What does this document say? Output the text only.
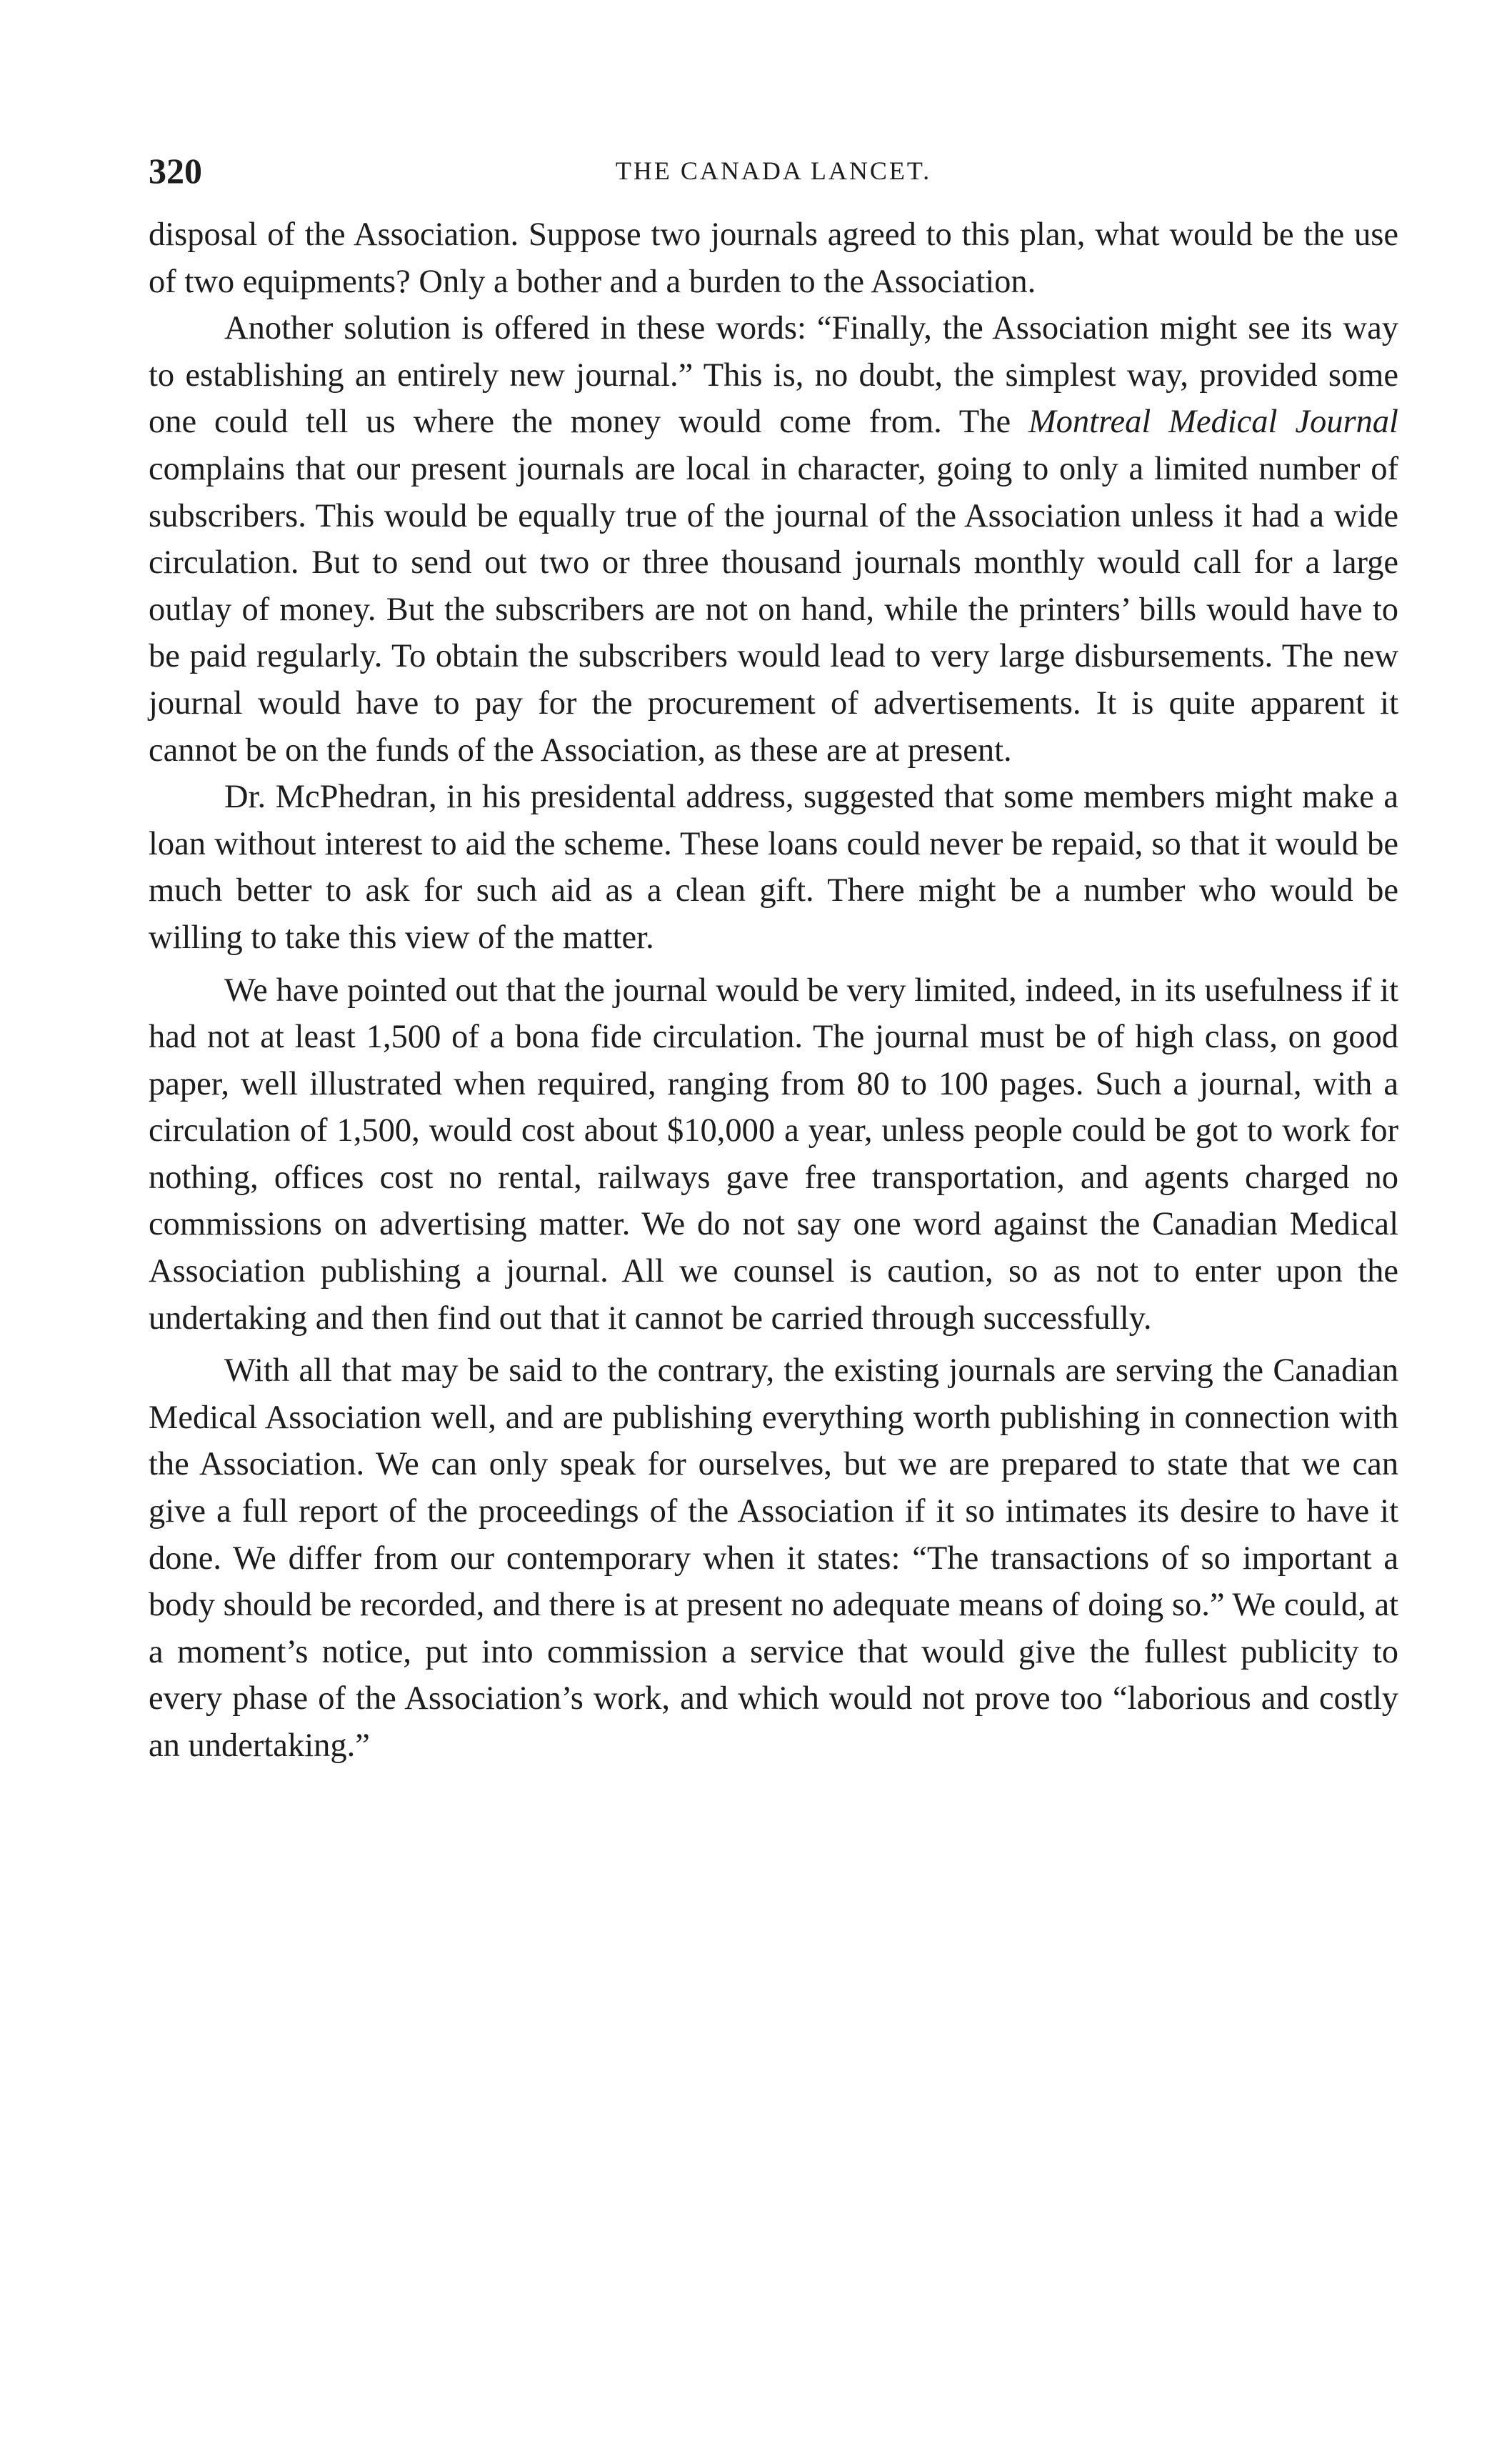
320	THE CANADA LANCET.

disposal of the Association. Suppose two journals agreed to this plan, what would be the use of two equipments? Only a bother and a burden to the Association.

Another solution is offered in these words: “Finally, the Association might see its way to establishing an entirely new journal.” This is, no doubt, the simplest way, provided some one could tell us where the money would come from. The Montreal Medical Journal complains that our present journals are local in character, going to only a limited number of subscribers. This would be equally true of the journal of the Association unless it had a wide circulation. But to send out two or three thousand journals monthly would call for a large outlay of money. But the subscribers are not on hand, while the printers’ bills would have to be paid regularly. To obtain the subscribers would lead to very large disbursements. The new journal would have to pay for the procurement of advertisements. It is quite apparent it cannot be on the funds of the Association, as these are at present.

Dr. McPhedran, in his presidental address, suggested that some members might make a loan without interest to aid the scheme. These loans could never be repaid, so that it would be much better to ask for such aid as a clean gift. There might be a number who would be willing to take this view of the matter.

We have pointed out that the journal would be very limited, indeed, in its usefulness if it had not at least 1,500 of a bona fide circulation. The journal must be of high class, on good paper, well illustrated when required, ranging from 80 to 100 pages. Such a journal, with a circulation of 1,500, would cost about $10,000 a year, unless people could be got to work for nothing, offices cost no rental, railways gave free transportation, and agents charged no commissions on advertising matter. We do not say one word against the Canadian Medical Association publishing a journal. All we counsel is caution, so as not to enter upon the undertaking and then find out that it cannot be carried through successfully.

With all that may be said to the contrary, the existing journals are serving the Canadian Medical Association well, and are publishing everything worth publishing in connection with the Association. We can only speak for ourselves, but we are prepared to state that we can give a full report of the proceedings of the Association if it so intimates its desire to have it done. We differ from our contemporary when it states: “The transactions of so important a body should be recorded, and there is at present no adequate means of doing so.” We could, at a moment’s notice, put into commission a service that would give the fullest publicity to every phase of the Association’s work, and which would not prove too “laborious and costly an undertaking.”
